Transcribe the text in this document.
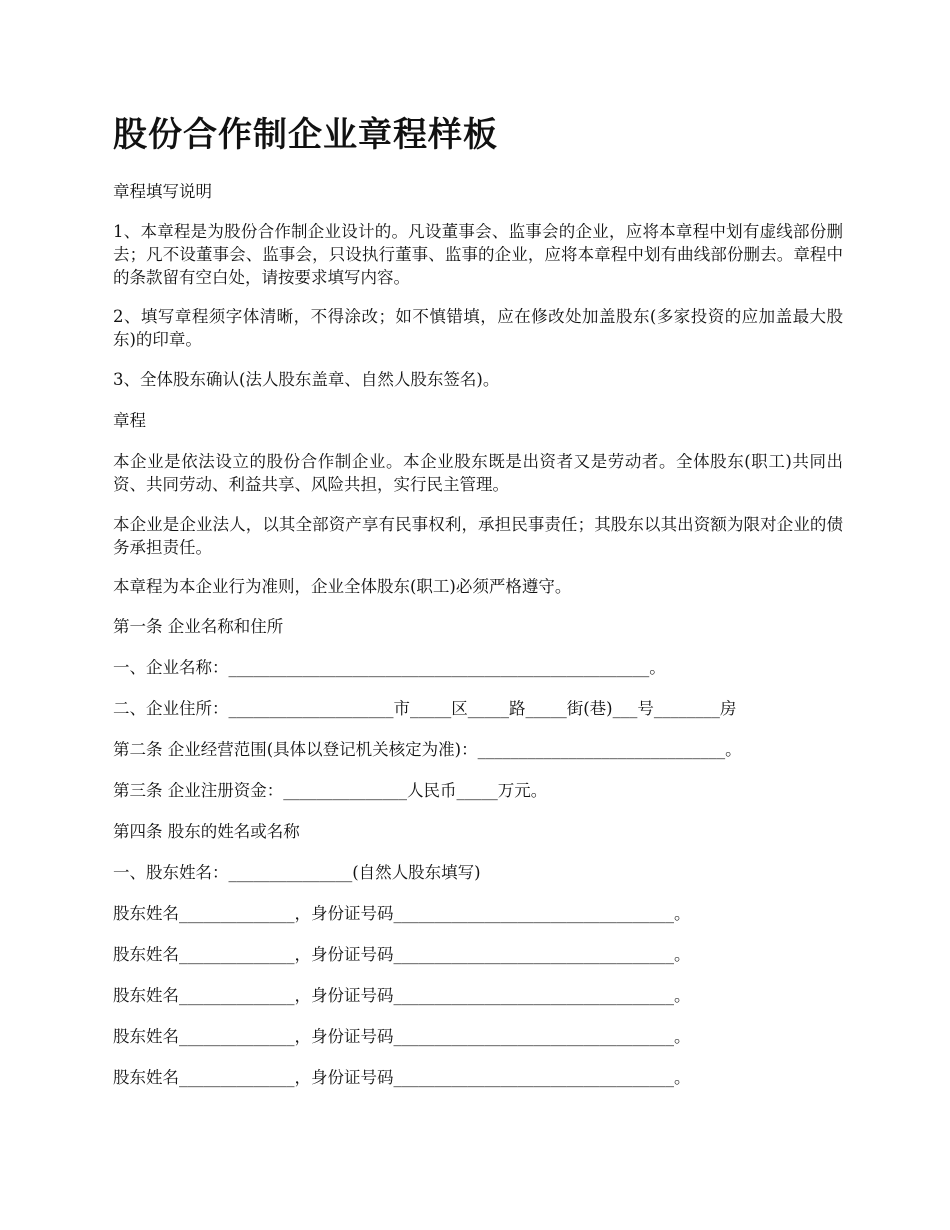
股份合作制企业章程样板

章程填写说明

1、本章程是为股份合作制企业设计的。凡设董事会、监事会的企业，应将本章程中划有虚线部份删去；凡不设董事会、监事会，只设执行董事、监事的企业，应将本章程中划有曲线部份删去。章程中的条款留有空白处，请按要求填写内容。

2、填写章程须字体清晰，不得涂改；如不慎错填，应在修改处加盖股东(多家投资的应加盖最大股东)的印章。

3、全体股东确认(法人股东盖章、自然人股东签名)。

章程

本企业是依法设立的股份合作制企业。本企业股东既是出资者又是劳动者。全体股东(职工)共同出资、共同劳动、利益共享、风险共担，实行民主管理。

本企业是企业法人，以其全部资产享有民事权利，承担民事责任；其股东以其出资额为限对企业的债务承担责任。

本章程为本企业行为准则，企业全体股东(职工)必须严格遵守。

第一条 企业名称和住所

一、企业名称：___________________________________________________。

二、企业住所：____________________市_____区_____路_____街(巷)___号________房

第二条 企业经营范围(具体以登记机关核定为准)：______________________________。

第三条 企业注册资金：_______________人民币_____万元。

第四条 股东的姓名或名称

一、股东姓名：_______________(自然人股东填写)

股东姓名______________，身份证号码__________________________________。

股东姓名______________，身份证号码__________________________________。

股东姓名______________，身份证号码__________________________________。

股东姓名______________，身份证号码__________________________________。

股东姓名______________，身份证号码__________________________________。
